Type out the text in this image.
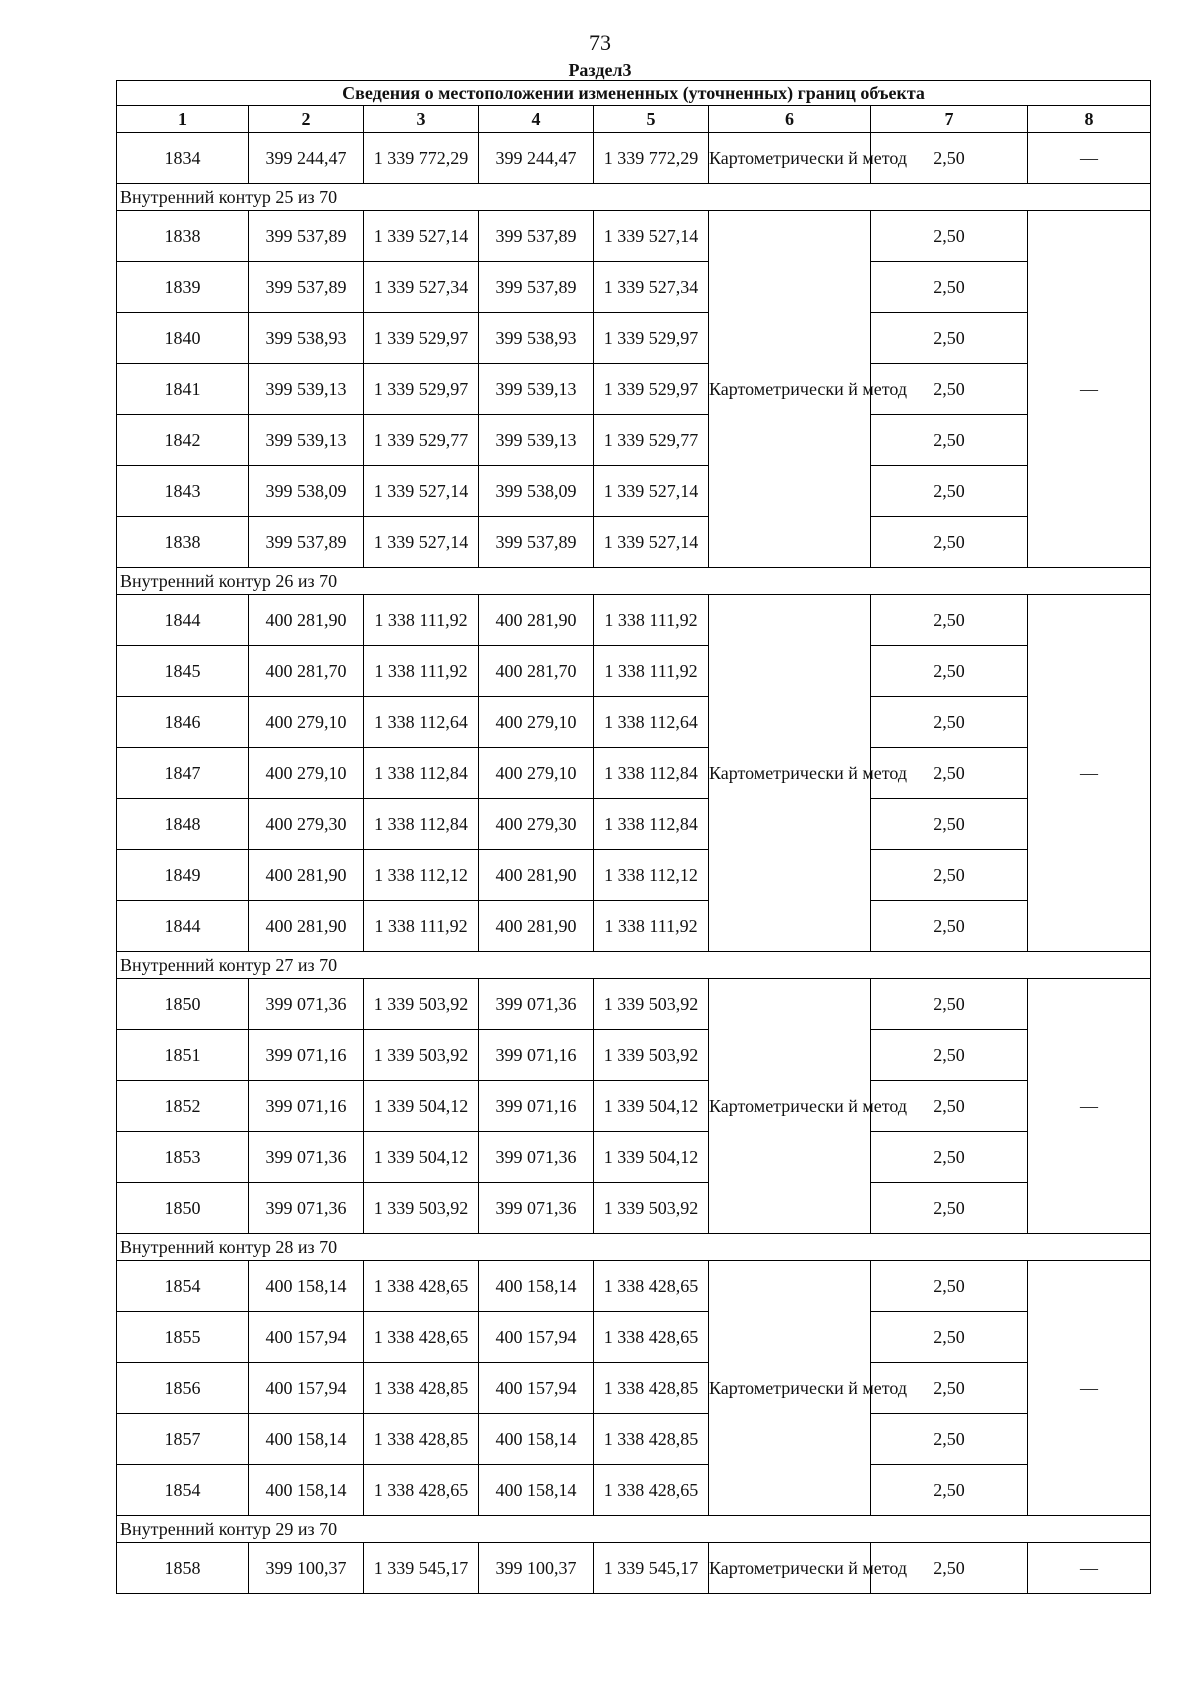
73
Раздел3
Сведения о местоположении измененных (уточненных) границ объекта							
1	2	3	4	5	6	7	8
1834	399 244,47	1 339 772,29	399 244,47	1 339 772,29	Картометрически й метод	2,50	—
Внутренний контур 25 из 70							
1838	399 537,89	1 339 527,14	399 537,89	1 339 527,14	Картометрически й метод	2,50	—
1839	399 537,89	1 339 527,34	399 537,89	1 339 527,34		2,50	
1840	399 538,93	1 339 529,97	399 538,93	1 339 529,97		2,50	
1841	399 539,13	1 339 529,97	399 539,13	1 339 529,97		2,50	
1842	399 539,13	1 339 529,77	399 539,13	1 339 529,77		2,50	
1843	399 538,09	1 339 527,14	399 538,09	1 339 527,14		2,50	
1838	399 537,89	1 339 527,14	399 537,89	1 339 527,14		2,50	
Внутренний контур 26 из 70							
1844	400 281,90	1 338 111,92	400 281,90	1 338 111,92	Картометрически й метод	2,50	—
1845	400 281,70	1 338 111,92	400 281,70	1 338 111,92		2,50	
1846	400 279,10	1 338 112,64	400 279,10	1 338 112,64		2,50	
1847	400 279,10	1 338 112,84	400 279,10	1 338 112,84		2,50	
1848	400 279,30	1 338 112,84	400 279,30	1 338 112,84		2,50	
1849	400 281,90	1 338 112,12	400 281,90	1 338 112,12		2,50	
1844	400 281,90	1 338 111,92	400 281,90	1 338 111,92		2,50	
Внутренний контур 27 из 70							
1850	399 071,36	1 339 503,92	399 071,36	1 339 503,92	Картометрически й метод	2,50	—
1851	399 071,16	1 339 503,92	399 071,16	1 339 503,92		2,50	
1852	399 071,16	1 339 504,12	399 071,16	1 339 504,12		2,50	
1853	399 071,36	1 339 504,12	399 071,36	1 339 504,12		2,50	
1850	399 071,36	1 339 503,92	399 071,36	1 339 503,92		2,50	
Внутренний контур 28 из 70							
1854	400 158,14	1 338 428,65	400 158,14	1 338 428,65	Картометрически й метод	2,50	—
1855	400 157,94	1 338 428,65	400 157,94	1 338 428,65		2,50	
1856	400 157,94	1 338 428,85	400 157,94	1 338 428,85		2,50	
1857	400 158,14	1 338 428,85	400 158,14	1 338 428,85		2,50	
1854	400 158,14	1 338 428,65	400 158,14	1 338 428,65		2,50	
Внутренний контур 29 из 70							
1858	399 100,37	1 339 545,17	399 100,37	1 339 545,17	Картометрически й метод	2,50	—
